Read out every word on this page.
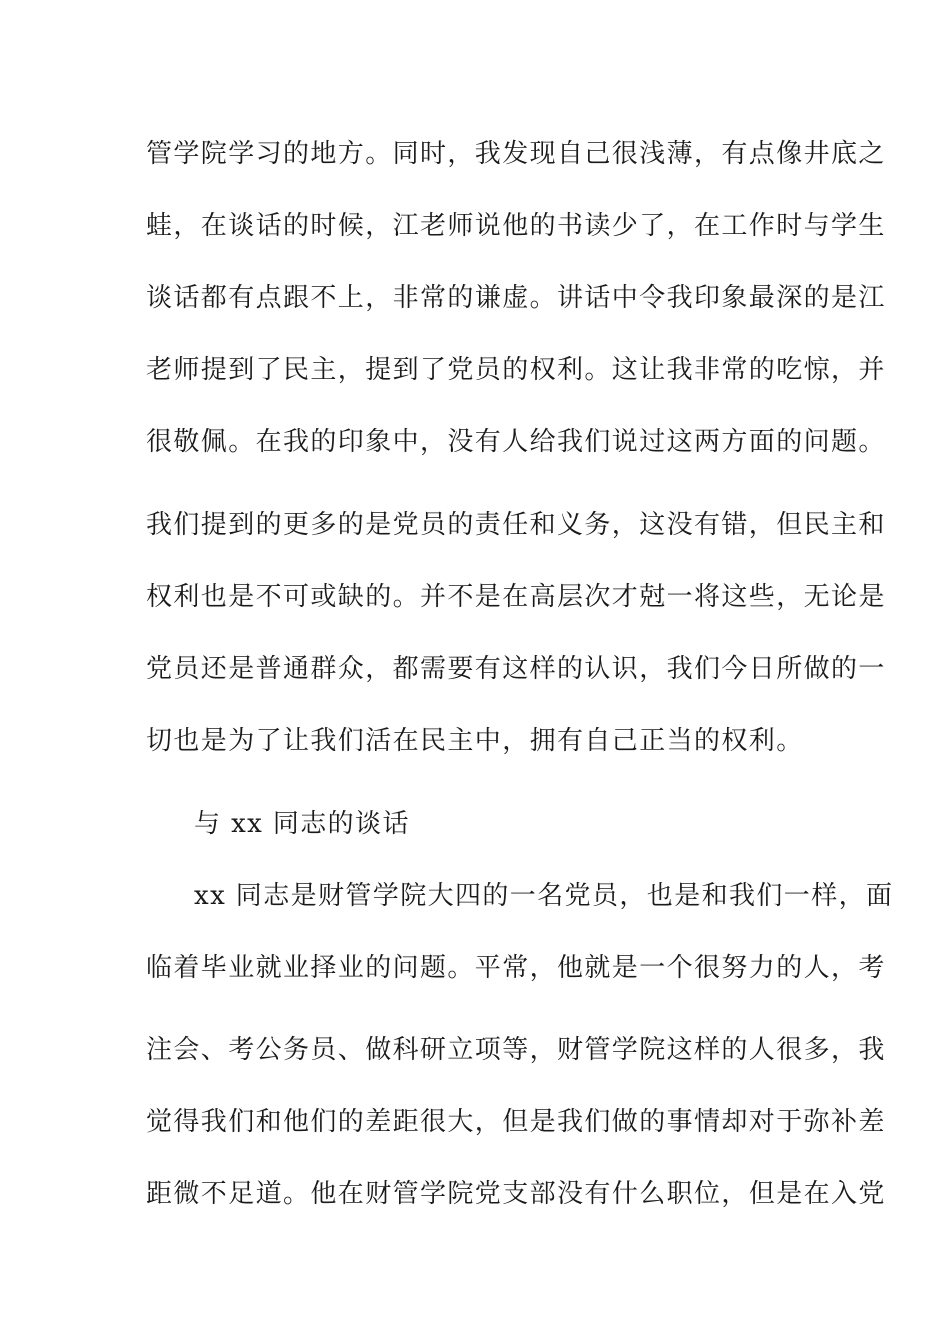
管学院学习的地方。同时，我发现自己很浅薄，有点像井底之
蛙，在谈话的时候，江老师说他的书读少了，在工作时与学生
谈话都有点跟不上，非常的谦虚。讲话中令我印象最深的是江
老师提到了民主，提到了党员的权利。这让我非常的吃惊，并
很敬佩。在我的印象中，没有人给我们说过这两方面的问题。
我们提到的更多的是党员的责任和义务，这没有错，但民主和
权利也是不可或缺的。并不是在高层次才尅一将这些，无论是
党员还是普通群众，都需要有这样的认识，我们今日所做的一
切也是为了让我们活在民主中，拥有自己正当的权利。
与 xx 同志的谈话
xx 同志是财管学院大四的一名党员，也是和我们一样，面
临着毕业就业择业的问题。平常，他就是一个很努力的人，考
注会、考公务员、做科研立项等，财管学院这样的人很多，我
觉得我们和他们的差距很大，但是我们做的事情却对于弥补差
距微不足道。他在财管学院党支部没有什么职位，但是在入党
